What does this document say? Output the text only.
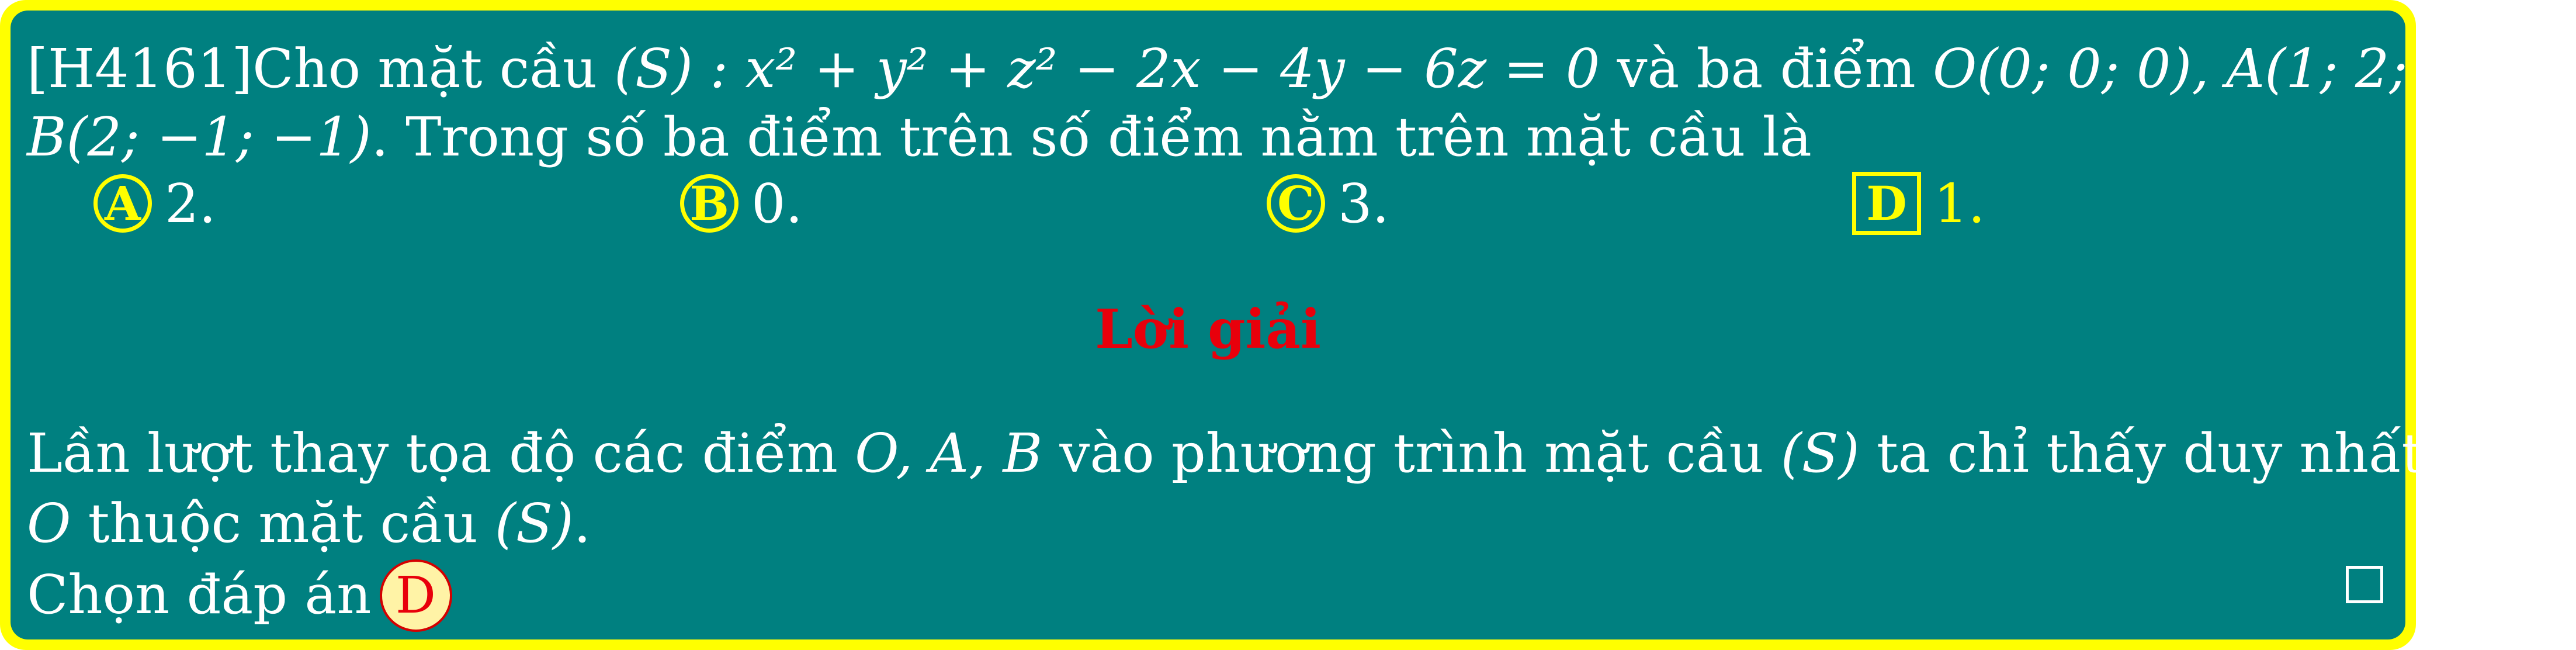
[H4161]Cho mặt cầu (S) : x² + y² + z² − 2x − 4y − 6z = 0 và ba điểm O(0; 0; 0), A(1; 2; 3),
B(2; −1; −1). Trong số ba điểm trên số điểm nằm trên mặt cầu là
A 2.	B 0.	C 3.	D 1.
Lời giải
Lần lượt thay tọa độ các điểm O, A, B vào phương trình mặt cầu (S) ta chỉ thấy duy nhất điểm
O thuộc mặt cầu (S).
Chọn đáp án D
